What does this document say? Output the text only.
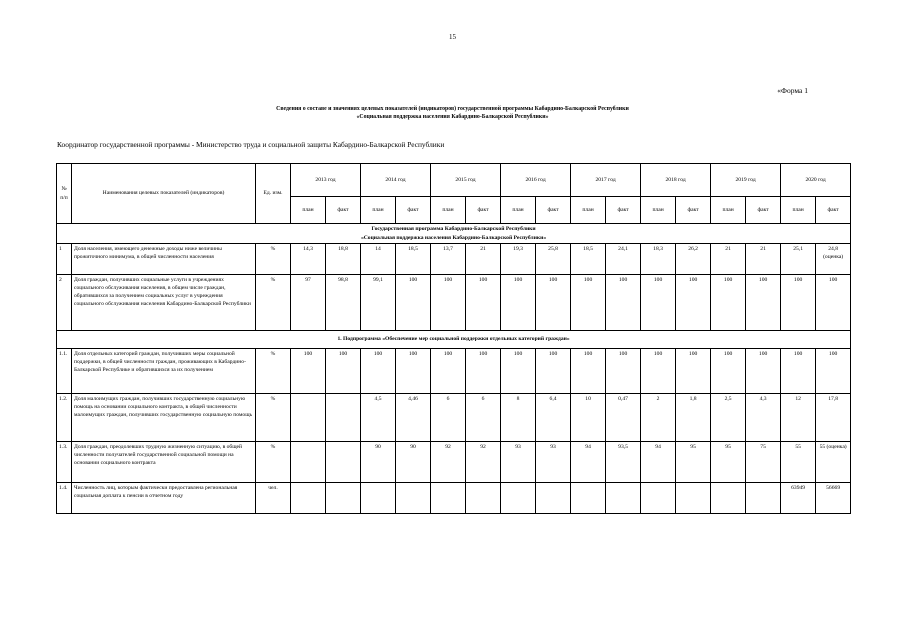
15
«Форма 1
Сведения о составе и значениях целевых показателей (индикаторов) государственной программы Кабардино-Балкарской Республики
«Социальная поддержка населения Кабардино-Балкарской Республики»
Координатор государственной программы - Министерство труда и социальной защиты Кабардино-Балкарской Республики
№ п/п	Наименования целевых показателей (индикаторов)	Ед. изм.	2013 год		2014 год		2015 год		2016 год		2017 год		2018 год		2019 год		2020 год	
			план	факт	план	факт	план	факт	план	факт	план	факт	план	факт	план	факт	план	факт

Государственная программа Кабардино-Балкарской Республики
«Социальная поддержка населения Кабардино-Балкарской Республики»																		

1	Доля населения, имеющего денежные доходы ниже величины прожиточного минимума, в общей численности населения	%	14,3	18,8	14	18,5	13,7	21	19,3	25,8	18,5	24,1	18,3	26,2	21	21	25,1	24,8 (оценка)
2	Доля граждан, получивших социальные услуги в учреждениях социального обслуживания населения, в общем числе граждан, обратившихся за получением социальных услуг в учреждения социального обслуживания населения Кабардино-Балкарской Республики	%	97	98,8	99,1	100	100	100	100	100	100	100	100	100	100	100	100	100
1. Подпрограмма «Обеспечение мер социальной поддержки отдельных категорий граждан»																		
1.1.	Доля отдельных категорий граждан, получивших меры социальной поддержки, в общей численности граждан, проживающих в Кабардино-Балкарской Республике и обратившихся за их получением	%	100	100	100	100	100	100	100	100	100	100	100	100	100	100	100	100
1.2.	Доля малоимущих граждан, получивших государственную социальную помощь на основании социального контракта, в общей численности малоимущих граждан, получивших государственную социальную помощь	%			4,5	4,46	6	6	8	6,4	10	0,47	2	1,8	2,5	4,3	12	17,8
1.3.	Доля граждан, преодолевших трудную жизненную ситуацию, в общей численности получателей государственной социальной помощи на основании социального контракта	%			90	90	92	92	93	93	94	93,5	94	95	95	75	55	55 (оценка)
1.4.	Численность лиц, которым фактически предоставлена региональная социальная доплата к пенсии в отчетном году	чел.															63949	56669
